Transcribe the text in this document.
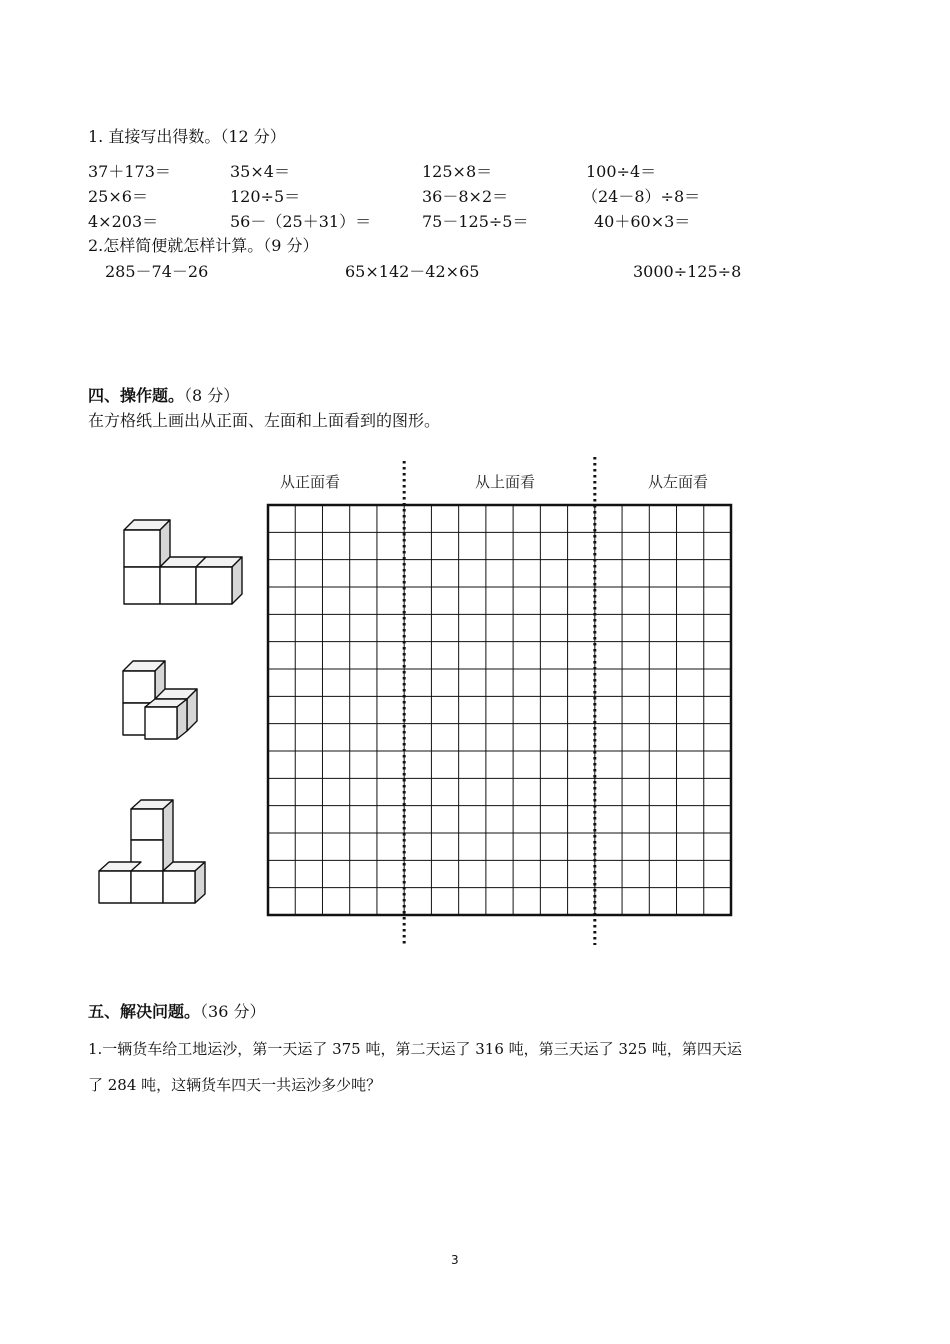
1. 直接写出得数。（12 分）
37＋173＝	35×4＝	125×8＝	100÷4＝
25×6＝	120÷5＝	36－8×2＝	（24－8）÷8＝
4×203＝	56－（25＋31）＝	75－125÷5＝	40＋60×3＝
2.怎样简便就怎样计算。（9 分）
285－74－26	65×142－42×65	3000÷125÷8
四、操作题。（8 分）
在方格纸上画出从正面、左面和上面看到的图形。
从正面看	从上面看	从左面看
五、解决问题。（36 分）
1.一辆货车给工地运沙，第一天运了 375 吨，第二天运了 316 吨，第三天运了 325 吨，第四天运
了 284 吨，这辆货车四天一共运沙多少吨？
3
